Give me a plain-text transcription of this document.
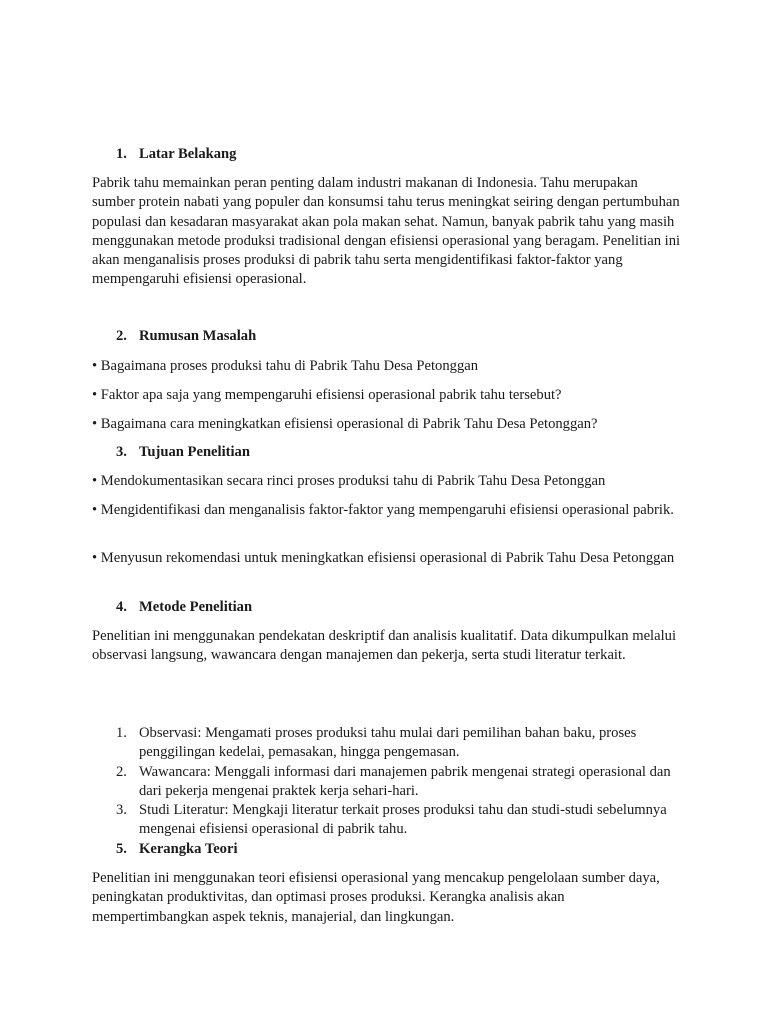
1. Latar Belakang

Pabrik tahu memainkan peran penting dalam industri makanan di Indonesia. Tahu merupakan sumber protein nabati yang populer dan konsumsi tahu terus meningkat seiring dengan pertumbuhan populasi dan kesadaran masyarakat akan pola makan sehat. Namun, banyak pabrik tahu yang masih menggunakan metode produksi tradisional dengan efisiensi operasional yang beragam. Penelitian ini akan menganalisis proses produksi di pabrik tahu serta mengidentifikasi faktor-faktor yang mempengaruhi efisiensi operasional.

2. Rumusan Masalah

• Bagaimana proses produksi tahu di Pabrik Tahu Desa Petonggan

• Faktor apa saja yang mempengaruhi efisiensi operasional pabrik tahu tersebut?

• Bagaimana cara meningkatkan efisiensi operasional di Pabrik Tahu Desa Petonggan?

3. Tujuan Penelitian

• Mendokumentasikan secara rinci proses produksi tahu di Pabrik Tahu Desa Petonggan

• Mengidentifikasi dan menganalisis faktor-faktor yang mempengaruhi efisiensi operasional pabrik.

• Menyusun rekomendasi untuk meningkatkan efisiensi operasional di Pabrik Tahu Desa Petonggan

4. Metode Penelitian

Penelitian ini menggunakan pendekatan deskriptif dan analisis kualitatif. Data dikumpulkan melalui observasi langsung, wawancara dengan manajemen dan pekerja, serta studi literatur terkait.

1. Observasi: Mengamati proses produksi tahu mulai dari pemilihan bahan baku, proses penggilingan kedelai, pemasakan, hingga pengemasan.
2. Wawancara: Menggali informasi dari manajemen pabrik mengenai strategi operasional dan dari pekerja mengenai praktek kerja sehari-hari.
3. Studi Literatur: Mengkaji literatur terkait proses produksi tahu dan studi-studi sebelumnya mengenai efisiensi operasional di pabrik tahu.
5. Kerangka Teori

Penelitian ini menggunakan teori efisiensi operasional yang mencakup pengelolaan sumber daya, peningkatan produktivitas, dan optimasi proses produksi. Kerangka analisis akan mempertimbangkan aspek teknis, manajerial, dan lingkungan.
